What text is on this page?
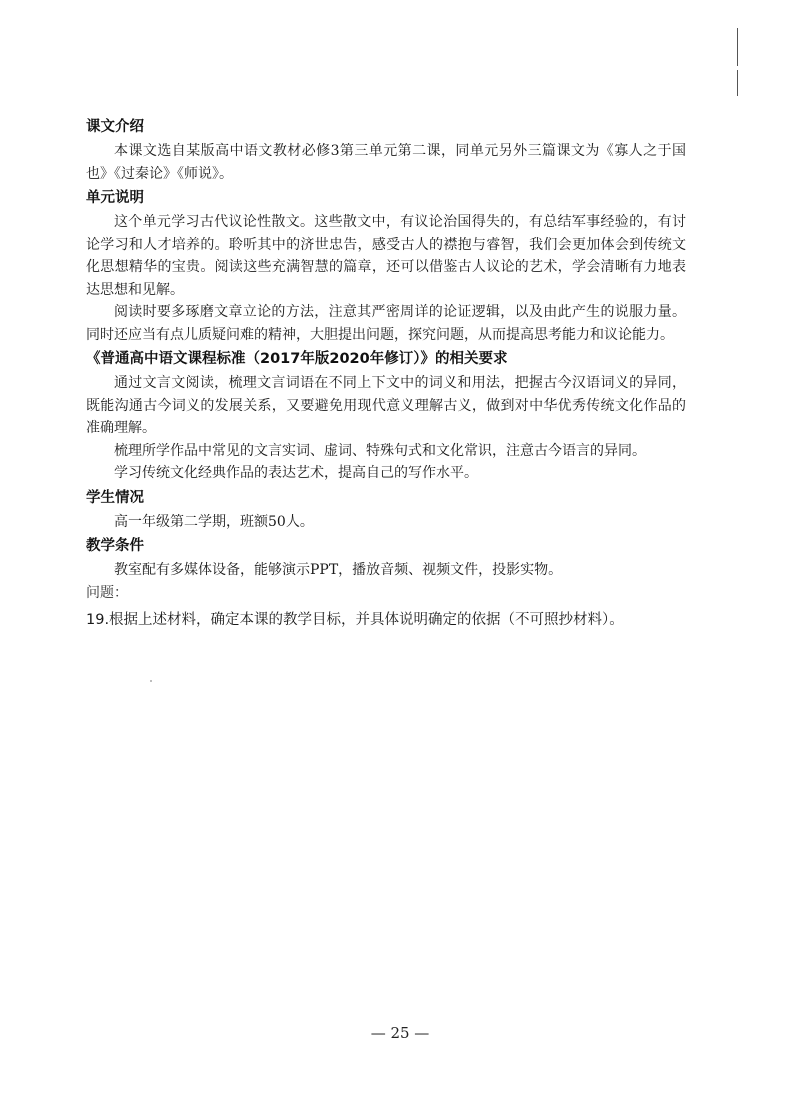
课文介绍

本课文选自某版高中语文教材必修3第三单元第二课，同单元另外三篇课文为《寡人之于国也》《过秦论》《师说》。

单元说明

这个单元学习古代议论性散文。这些散文中，有议论治国得失的，有总结军事经验的，有讨论学习和人才培养的。聆听其中的济世忠告，感受古人的襟抱与睿智，我们会更加体会到传统文化思想精华的宝贵。阅读这些充满智慧的篇章，还可以借鉴古人议论的艺术，学会清晰有力地表达思想和见解。

阅读时要多琢磨文章立论的方法，注意其严密周详的论证逻辑，以及由此产生的说服力量。同时还应当有点儿质疑问难的精神，大胆提出问题，探究问题，从而提高思考能力和议论能力。

《普通高中语文课程标准（2017年版2020年修订）》的相关要求

通过文言文阅读，梳理文言词语在不同上下文中的词义和用法，把握古今汉语词义的异同，既能沟通古今词义的发展关系，又要避免用现代意义理解古义，做到对中华优秀传统文化作品的准确理解。

梳理所学作品中常见的文言实词、虚词、特殊句式和文化常识，注意古今语言的异同。

学习传统文化经典作品的表达艺术，提高自己的写作水平。

学生情况

高一年级第二学期，班额50人。

教学条件

教室配有多媒体设备，能够演示PPT，播放音频、视频文件，投影实物。

问题：

19.根据上述材料，确定本课的教学目标，并具体说明确定的依据（不可照抄材料）。

— 25 —
